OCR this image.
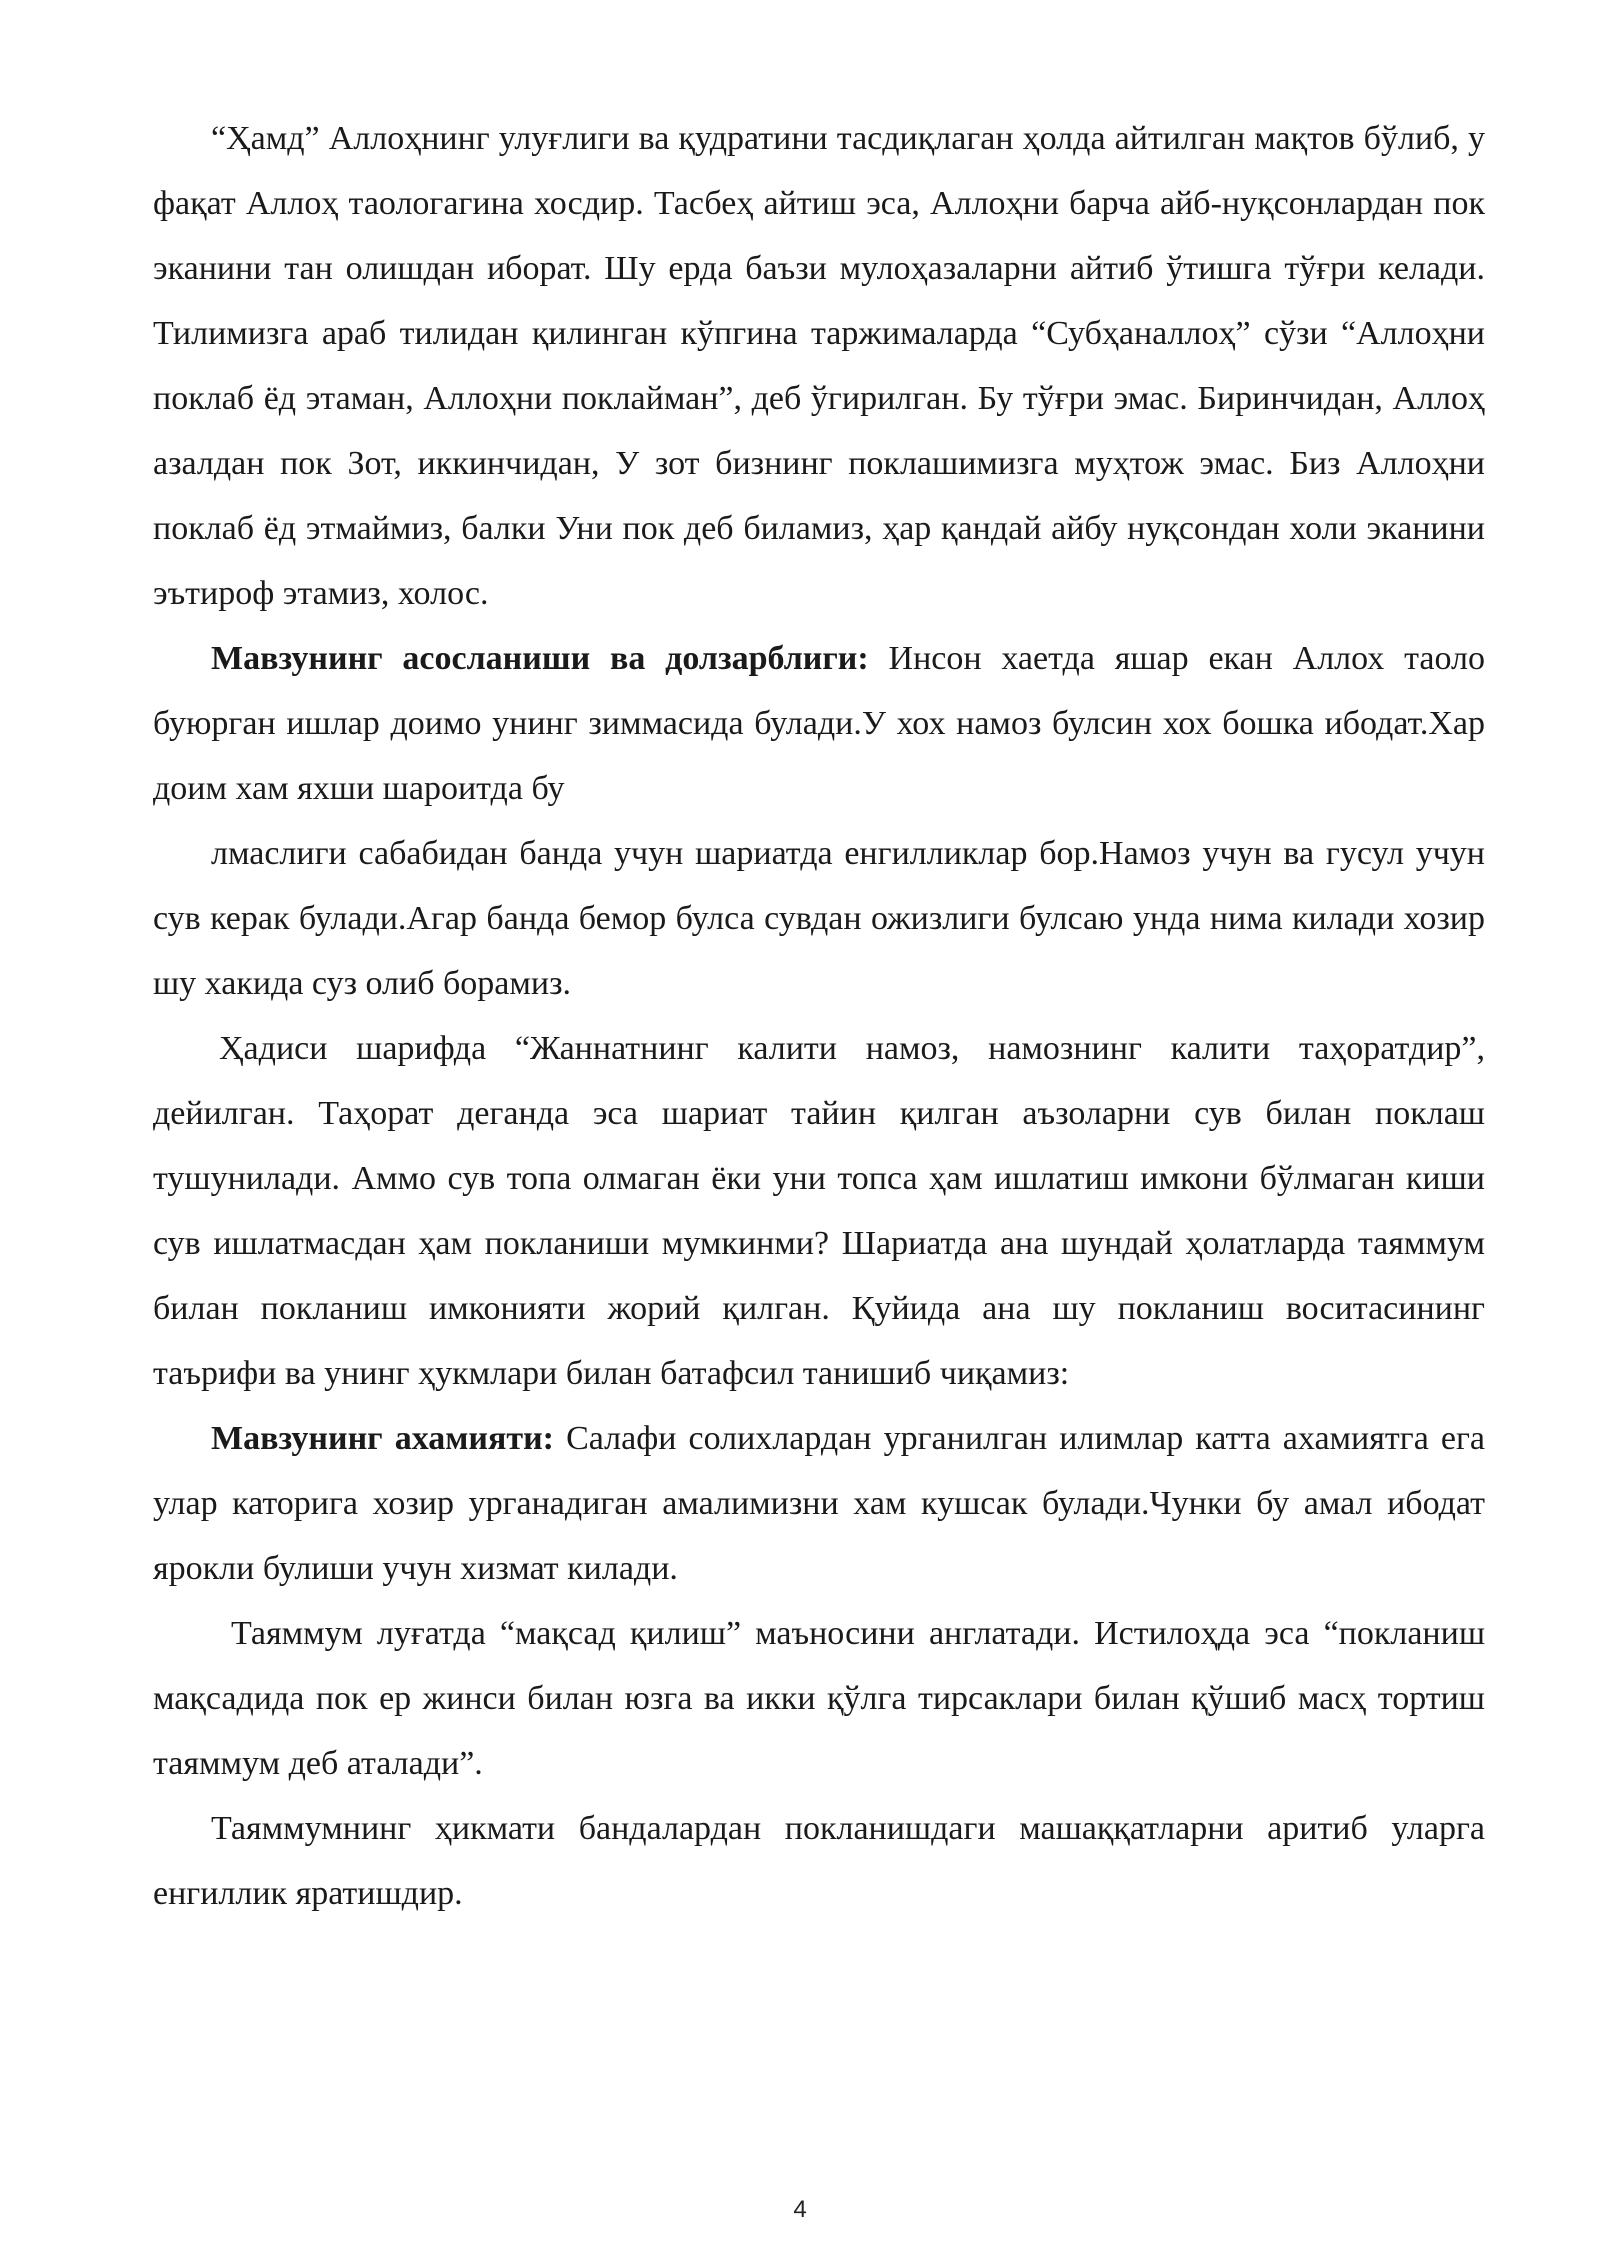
“Ҳамд” Аллоҳнинг улуғлиги ва қудратини тасдиқлаган ҳолда айтилган мақтов бўлиб, у фақат Аллоҳ таологагина хосдир. Тасбеҳ айтиш эса, Аллоҳни барча айб-нуқсонлардан пок эканини тан олишдан иборат. Шу ерда баъзи мулоҳазаларни айтиб ўтишга тўғри келади. Тилимизга араб тилидан қилинган кўпгина таржималарда “Субҳаналлоҳ” сўзи “Аллоҳни поклаб ёд этаман, Аллоҳни поклайман”, деб ўгирилган. Бу тўғри эмас. Биринчидан, Аллоҳ азалдан пок Зот, иккинчидан, У зот бизнинг поклашимизга муҳтож эмас. Биз Аллоҳни поклаб ёд этмаймиз, балки Уни пок деб биламиз, ҳар қандай айбу нуқсондан холи эканини эътироф этамиз, холос.

Мавзунинг асосланиши ва долзарблиги: Инсон хаетда яшар екан Аллох таоло буюрган ишлар доимо унинг зиммасида булади.У хох намоз булсин хох бошка ибодат.Хар доим хам яхши шароитда бу

лмаслиги сабабидан банда учун шариатда енгилликлар бор.Намоз учун ва гусул учун сув керак булади.Агар банда бемор булса сувдан ожизлиги булсаю унда нима килади хозир шу хакида суз олиб борамиз.

Ҳадиси шарифда “Жаннатнинг калити намоз, намознинг калити таҳоратдир”, дейилган. Таҳорат деганда эса шариат тайин қилган аъзоларни сув билан поклаш тушунилади. Аммо сув топа олмаган ёки уни топса ҳам ишлатиш имкони бўлмаган киши сув ишлатмасдан ҳам покланиши мумкинми? Шариатда ана шундай ҳолатларда таяммум билан покланиш имконияти жорий қилган. Қуйида ана шу покланиш воситасининг таърифи ва унинг ҳукмлари билан батафсил танишиб чиқамиз:

Мавзунинг ахамияти: Салафи солихлардан урганилган илимлар катта ахамиятга ега улар каторига хозир урганадиган амалимизни хам кушсак булади.Чунки бу амал ибодат ярокли булиши учун хизмат килади.

Таяммум луғатда “мақсад қилиш” маъносини англатади. Истилоҳда эса “покланиш мақсадида пок ер жинси билан юзга ва икки қўлга тирсаклари билан қўшиб масҳ тортиш таяммум деб аталади”.

Таяммумнинг ҳикмати бандалардан покланишдаги машаққатларни аритиб уларга енгиллик яратишдир.

4
